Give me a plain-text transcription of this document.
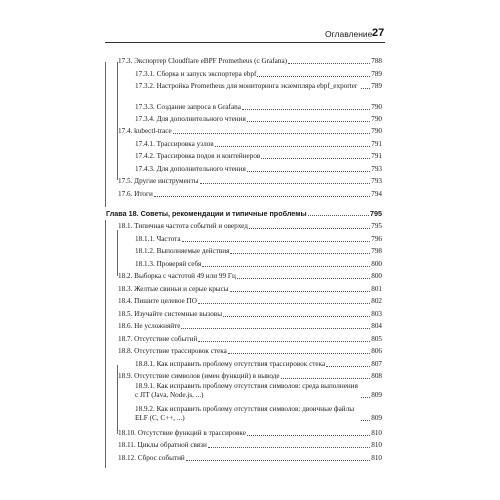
Оглавление 27
17.3. Экспортер Cloudflare eBPF Prometheus (с Grafana)	788
17.3.1. Сборка и запуск экспортера ebpf	789
17.3.2. Настройка Prometheus для мониторинга экземпляра ebpf_exporter	789
17.3.3. Создание запроса в Grafana	790
17.3.4. Для дополнительного чтения	790
17.4. kubectl-trace	790
17.4.1. Трассировка узлов	791
17.4.2. Трассировка подов и контейнеров	791
17.4.3. Для дополнительного чтения	793
17.5. Другие инструменты	793
17.6. Итоги	794
Глава 18. Советы, рекомендации и типичные проблемы	795
18.1. Типичная частота событий и оверхед	795
18.1.1. Частота	796
18.1.2. Выполняемые действия	798
18.1.3. Проверяй себя	800
18.2. Выборка с частотой 49 или 99 Гц	800
18.3. Желтые свиньи и серые крысы	801
18.4. Пишите целевое ПО	802
18.5. Изучайте системные вызовы	803
18.6. Не усложняйте	804
18.7. Отсутствие событий	805
18.8. Отсутствие трассировок стека	806
18.8.1. Как исправить проблему отсутствия трассировок стека	807
18.9. Отсутствие символов (имен функций) в выводе	808
18.9.1. Как исправить проблему отсутствия символов: среда выполнения с JIT (Java, Node.js, ...)	809
18.9.2. Как исправить проблему отсутствия символов: двоичные файлы ELF (C, C++, ...)	809
18.10. Отсутствие функций в трассировке	810
18.11. Циклы обратной связи	810
18.12. Сброс событий	810
